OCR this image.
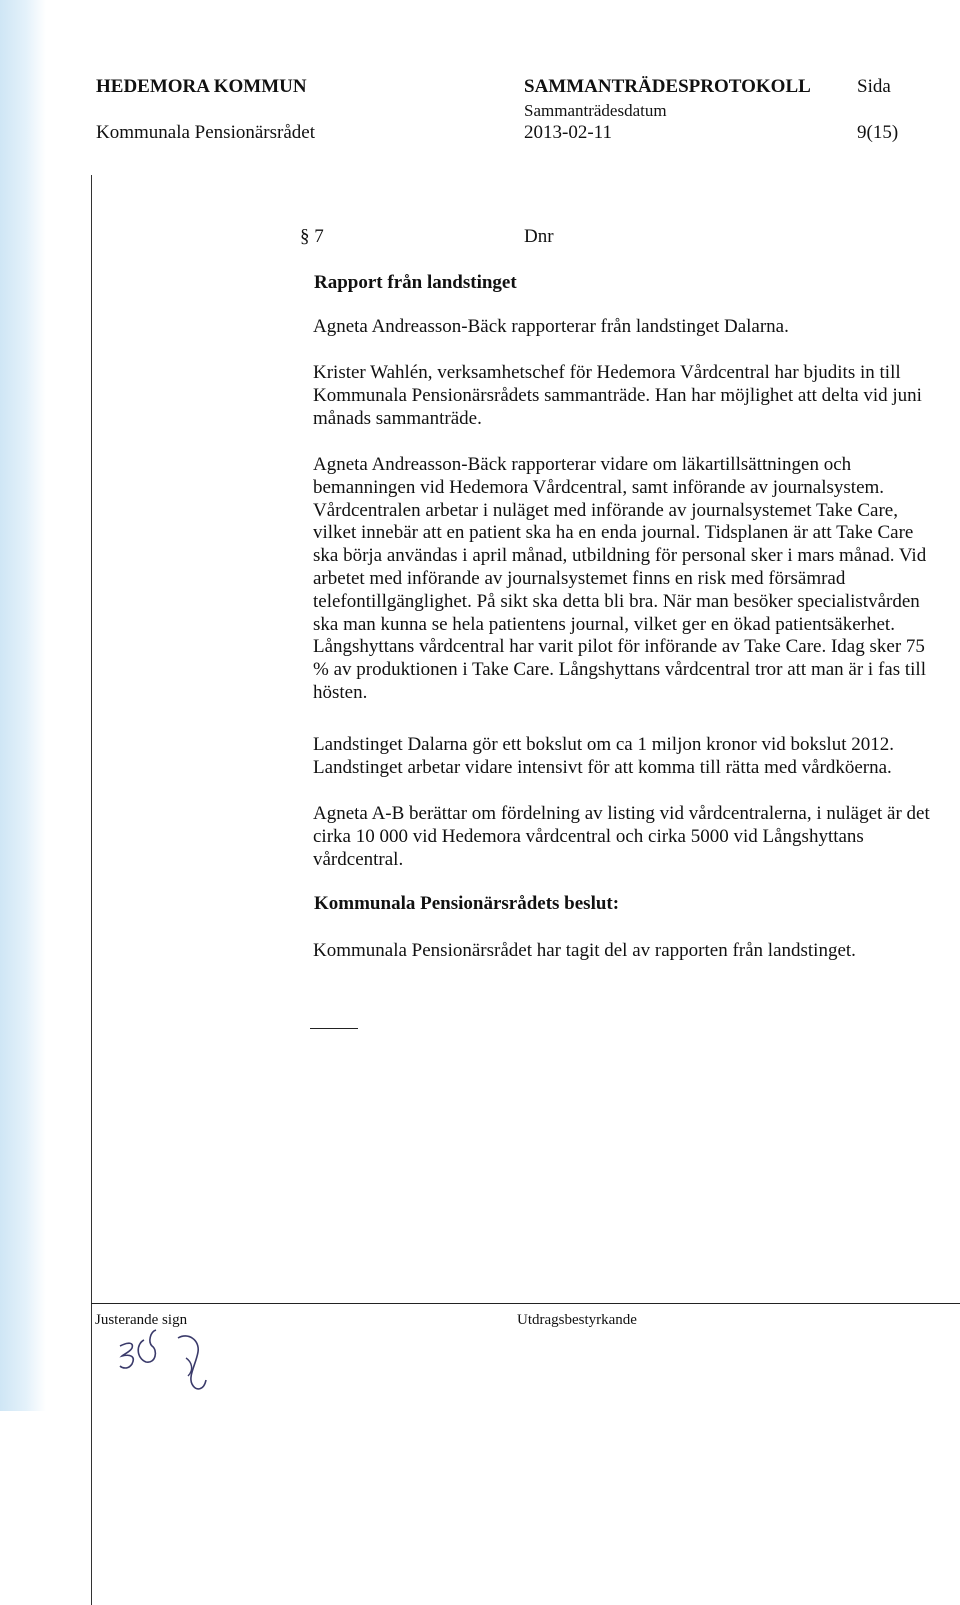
HEDEMORA KOMMUN	SAMMANTRÄDESPROTOKOLL Sida
Sammanträdesdatum
Kommunala Pensionärsrådet	2013-02-11	9(15)
§ 7	Dnr
Rapport från landstinget

Agneta Andreasson-Bäck rapporterar från landstinget Dalarna.

Krister Wahlén, verksamhetschef för Hedemora Vårdcentral har bjudits in till Kommunala Pensionärsrådets sammanträde. Han har möjlighet att delta vid juni månads sammanträde.

Agneta Andreasson-Bäck rapporterar vidare om läkartillsättningen och bemanningen vid Hedemora Vårdcentral, samt införande av journalsystem. Vårdcentralen arbetar i nuläget med införande av journalsystemet Take Care, vilket innebär att en patient ska ha en enda journal. Tidsplanen är att Take Care ska börja användas i april månad, utbildning för personal sker i mars månad. Vid arbetet med införande av journalsystemet finns en risk med försämrad telefontillgänglighet. På sikt ska detta bli bra. När man besöker specialistvården ska man kunna se hela patientens journal, vilket ger en ökad patientsäkerhet. Långshyttans vårdcentral har varit pilot för införande av Take Care. Idag sker 75 % av produktionen i Take Care. Långshyttans vårdcentral tror att man är i fas till hösten.

Landstinget Dalarna gör ett bokslut om ca 1 miljon kronor vid bokslut 2012. Landstinget arbetar vidare intensivt för att komma till rätta med vårdköerna.

Agneta A-B berättar om fördelning av listing vid vårdcentralerna, i nuläget är det cirka 10 000 vid Hedemora vårdcentral och cirka 5000 vid Långshyttans vårdcentral.

Kommunala Pensionärsrådets beslut:

Kommunala Pensionärsrådet har tagit del av rapporten från landstinget.

Justerande sign	Utdragsbestyrkande
